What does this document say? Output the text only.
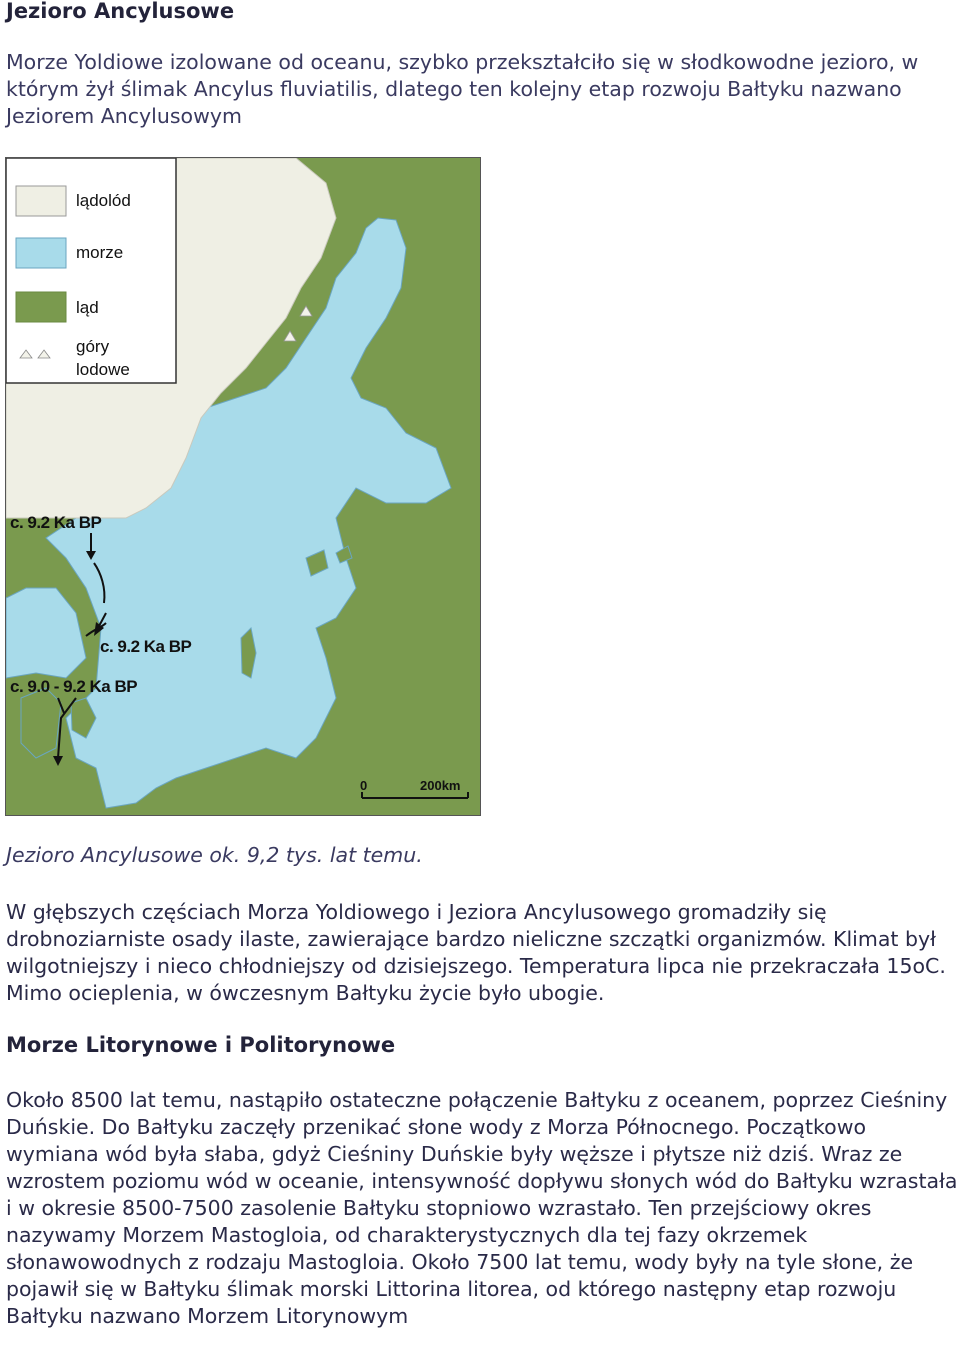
Jezioro Ancylusowe

Morze Yoldiowe izolowane od oceanu, szybko przekształciło się w słodkowodne jezioro, w którym żył ślimak Ancylus fluviatilis, dlatego ten kolejny etap rozwoju Bałtyku nazwano Jeziorem Ancylusowym

lądolód
morze
ląd
góry
lodowe
c. 9.2 Ka BP
c. 9.2 Ka BP
c. 9.0 - 9.2 Ka BP
0	200km

Jezioro Ancylusowe ok. 9,2 tys. lat temu.

W głębszych częściach Morza Yoldiowego i Jeziora Ancylusowego gromadziły się drobnoziarniste osady ilaste, zawierające bardzo nieliczne szczątki organizmów. Klimat był wilgotniejszy i nieco chłodniejszy od dzisiejszego. Temperatura lipca nie przekraczała 15oC. Mimo ocieplenia, w ówczesnym Bałtyku życie było ubogie.

Morze Litorynowe i Politorynowe

Około 8500 lat temu, nastąpiło ostateczne połączenie Bałtyku z oceanem, poprzez Cieśniny Duńskie. Do Bałtyku zaczęły przenikać słone wody z Morza Północnego. Początkowo wymiana wód była słaba, gdyż Cieśniny Duńskie były węższe i płytsze niż dziś. Wraz ze wzrostem poziomu wód w oceanie, intensywność dopływu słonych wód do Bałtyku wzrastała i w okresie 8500-7500 zasolenie Bałtyku stopniowo wzrastało. Ten przejściowy okres nazywamy Morzem Mastogloia, od charakterystycznych dla tej fazy okrzemek słonawowodnych z rodzaju Mastogloia. Około 7500 lat temu, wody były na tyle słone, że pojawił się w Bałtyku ślimak morski Littorina litorea, od którego następny etap rozwoju Bałtyku nazwano Morzem Litorynowym
